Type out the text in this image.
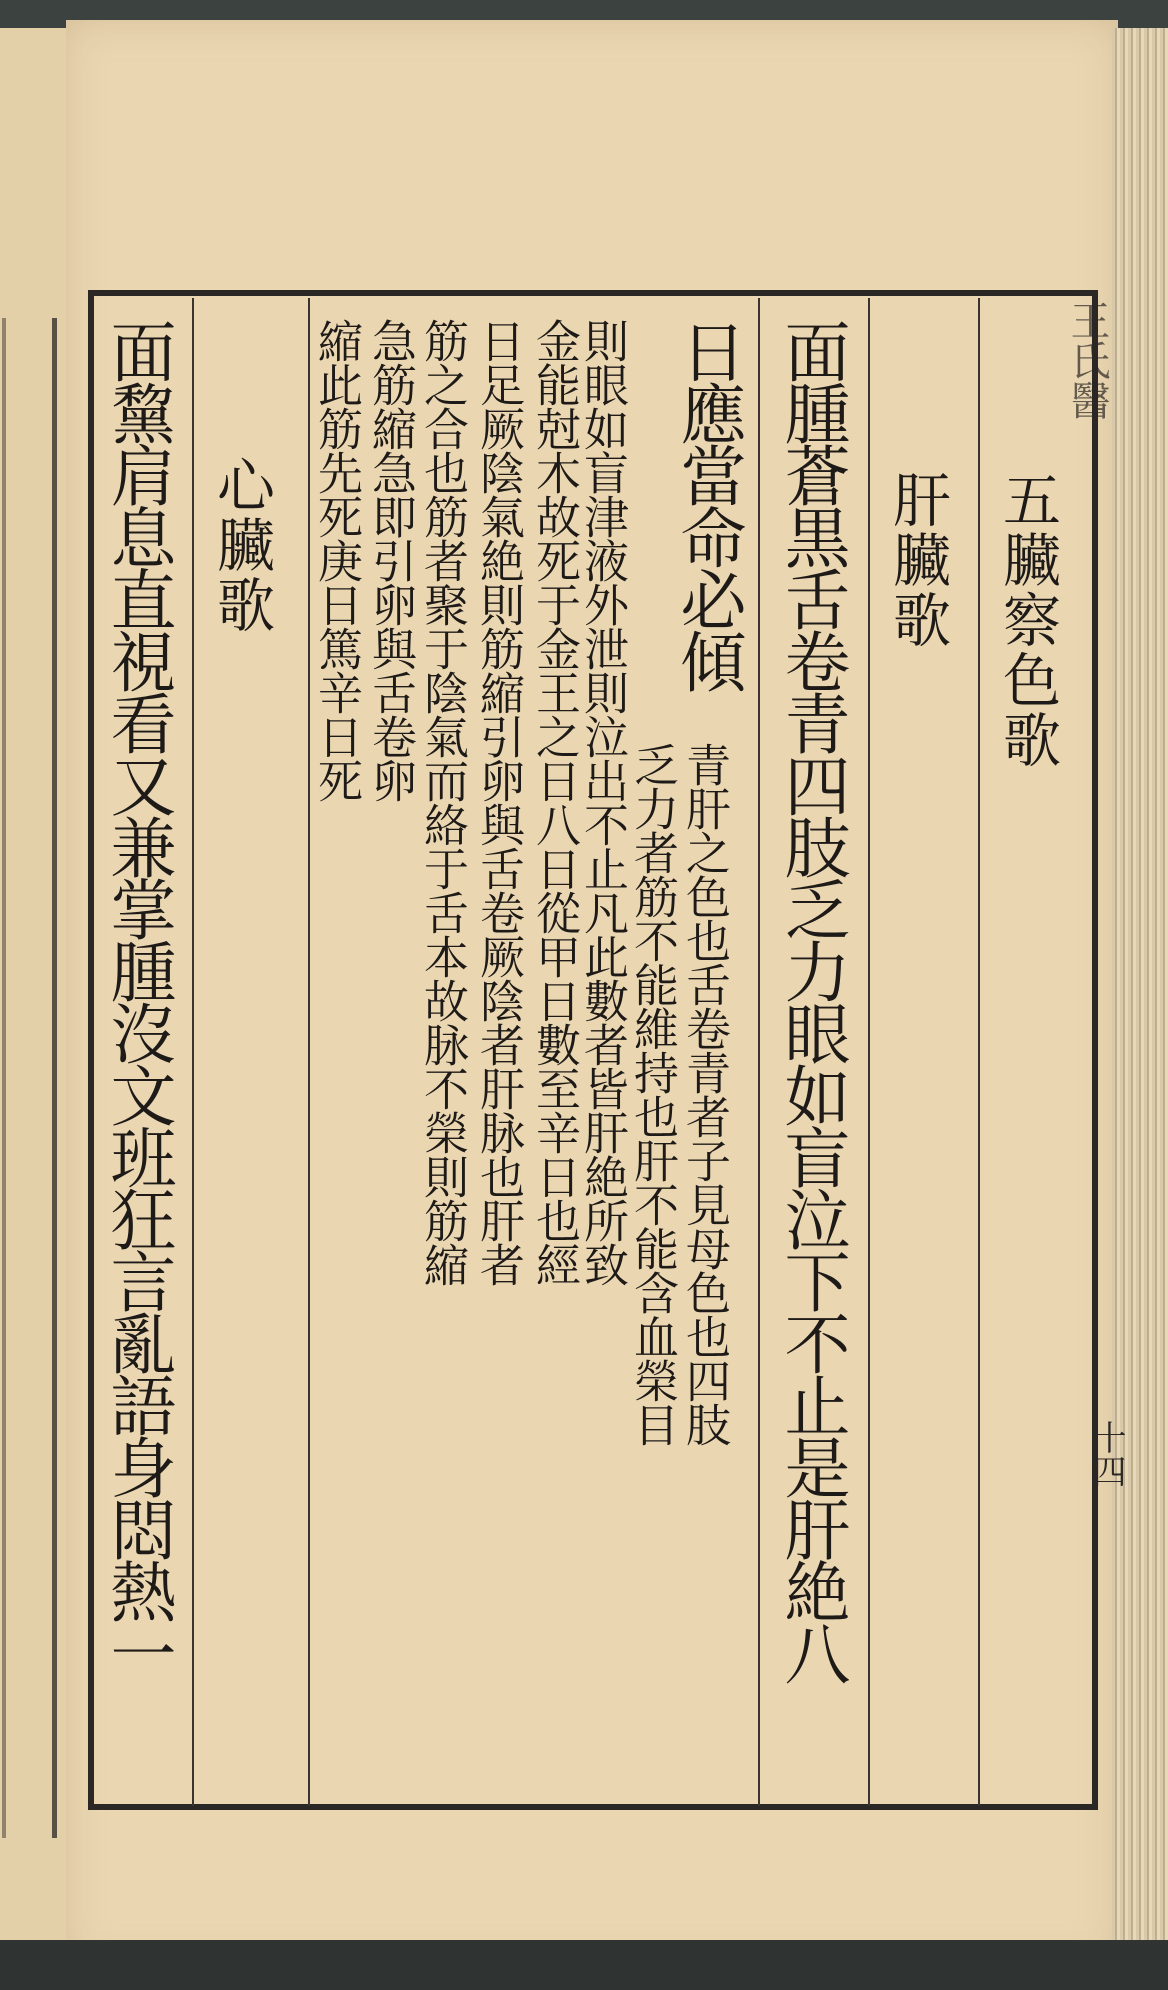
五臟察色歌
肝臟歌
面腫蒼黒舌卷青四肢乏力眼如盲泣下不止是肝絶八
日應當命必傾
青肝之色也舌卷青者子見母色也四肢
乏力者筋不能維持也肝不能含血榮目
則眼如盲津液外泄則泣出不止凡此數者皆肝絶所致
金能尅木故死于金王之日八日從甲日數至辛日也經
日足厥陰氣絶則筋縮引卵與舌卷厥陰者肝脉也肝者
筋之合也筋者聚于陰氣而絡于舌本故脉不榮則筋縮
急筋縮急即引卵與舌卷卵
縮此筋先死庚日篤辛日死
心臟歌
面黧肩息直視看又兼掌腫沒文班狂言亂語身悶熱一	王氏醫
十四
